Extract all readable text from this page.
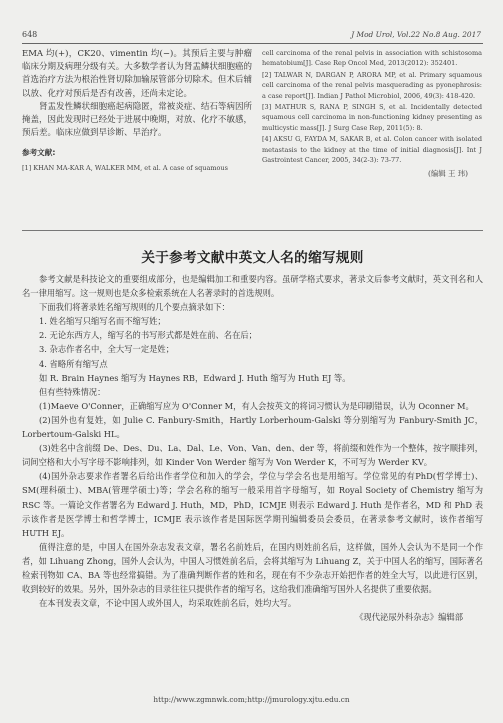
648	J Mod Urol, Vol.22 No.8 Aug. 2017

EMA 均(+)，CK20、vimentin 均(−)。其预后主要与肿瘤临床分期及病理分级有关。大多数学者认为肾盂鳞状细胞癌的首选治疗方法为根治性肾切除加输尿管部分切除术。但术后辅以放、化疗对预后是否有改善，还尚未定论。

肾盂发性鳞状细胞癌起病隐匿，常被炎症、结石等病因所掩盖，因此发现时已经处于进展中晚期，对放、化疗不敏感，预后差。临床应做到早诊断、早治疗。

参考文献:

[1] KHAN MA-KAR A, WALKER MM, et al. A case of squamous

cell carcinoma of the renal pelvis in association with schistosoma hematobium[J]. Case Rep Oncol Med, 2013(2012): 352401.

[2] TALWAR N, DARGAN P, ARORA MP, et al. Primary squamous cell carcinoma of the renal pelvis masquerading as pyonephrosis: a case report[J]. Indian J Pathol Microbiol, 2006, 49(3): 418-420.

[3] MATHUR S, RANA P, SINGH S, et al. Incidentally detected squamous cell carcinoma in non-functioning kidney presenting as multicystic mass[J]. J Surg Case Rep, 2011(5): 8.

[4] AKSU G, FAYDA M, SAKAR B, et al. Colon cancer with isolated metastasis to the kidney at the time of initial diagnosis[J]. Int J Gastrointest Cancer, 2005, 34(2-3): 73-77.

(编辑 王 玮)
关于参考文献中英文人名的缩写规则

参考文献是科技论文的重要组成部分，也是编辑加工和重要内容。虽研学格式要求，著录文后参考文献时，英文刊名和人名一律用缩写。这一规则也是众多检索系统在人名著录时的首选规则。

下面我们将著录姓名缩写规则的几个要点摘录如下：

1. 姓名缩写只缩写名而不缩写姓；

2. 无论东西方人，缩写名的书写形式都是姓在前、名在后；

3. 杂志作者名中，全大写一定是姓；

4. 省略所有缩写点

如 R. Brain Haynes 缩写为 Haynes RB，Edward J. Huth 缩写为 Huth EJ 等。

但有些特殊情况：

(1)Maeve O'Conner，正确缩写应为 O'Conner M，有人会按英文的将词习惯认为是印刷错误，认为 Oconner M。

(2)国外也有复姓，如 Julie C. Fanbury-Smith，Hartly Lorberhoum-Galski 等分别缩写为 Fanbury-Smith JC，Lorbertoum-Galski HL。

(3)姓名中含前缀 De、Des、Du、La、Dal、Le、Von、Van、den、der 等，将前缀和姓作为一个整体，按字顺排列，词间空格和大小写字母不影响排列，如 Kinder Von Werder 缩写为 Von Werder K，不可写为 Werder KV。

(4)国外杂志要求作者署名后给出作者学位和加入的学会，学位与学会名也是用缩写。学位常见的有PhD(哲学博士)、SM(理科硕士)、MBA(管理学硕士)等；学会名称的缩写一般采用首字母缩写，如 Royal Society of Chemistry 缩写为 RSC 等。一篇论文作者署名为 Edward J. Huth，MD，PhD，ICMJE 则表示 Edward J. Huth 是作者名，MD 和 PhD 表示该作者是医学博士和哲学博士，ICMJE 表示该作者是国际医学期刊编辑委员会委员，在著录参考文献时，该作者缩写 HUTH EJ。

值得注意的是，中国人在国外杂志发表文章，署名名前姓后，在国内则姓前名后，这样做，国外人会认为不是同一个作者，如 Lihuang Zhong，国外人会认为，中国人习惯姓前名后，会将其缩写为 Lihuang Z，关于中国人名的缩写，国际著名检索刊物如 CA、BA 等也经常搞错。为了准确判断作者的姓和名，现在有不少杂志开始把作者的姓全大写，以此进行区别，收到较好的效果。另外，国外杂志的目录往往只提供作者的缩写名，这给我们准确缩写国外人名提供了重要依据。

在本刊发表文章，不论中国人或外国人，均采取姓前名后，姓均大写。

《现代泌尿外科杂志》编辑部

http://www.zgmnwk.com;http://jmurology.xjtu.edu.cn
